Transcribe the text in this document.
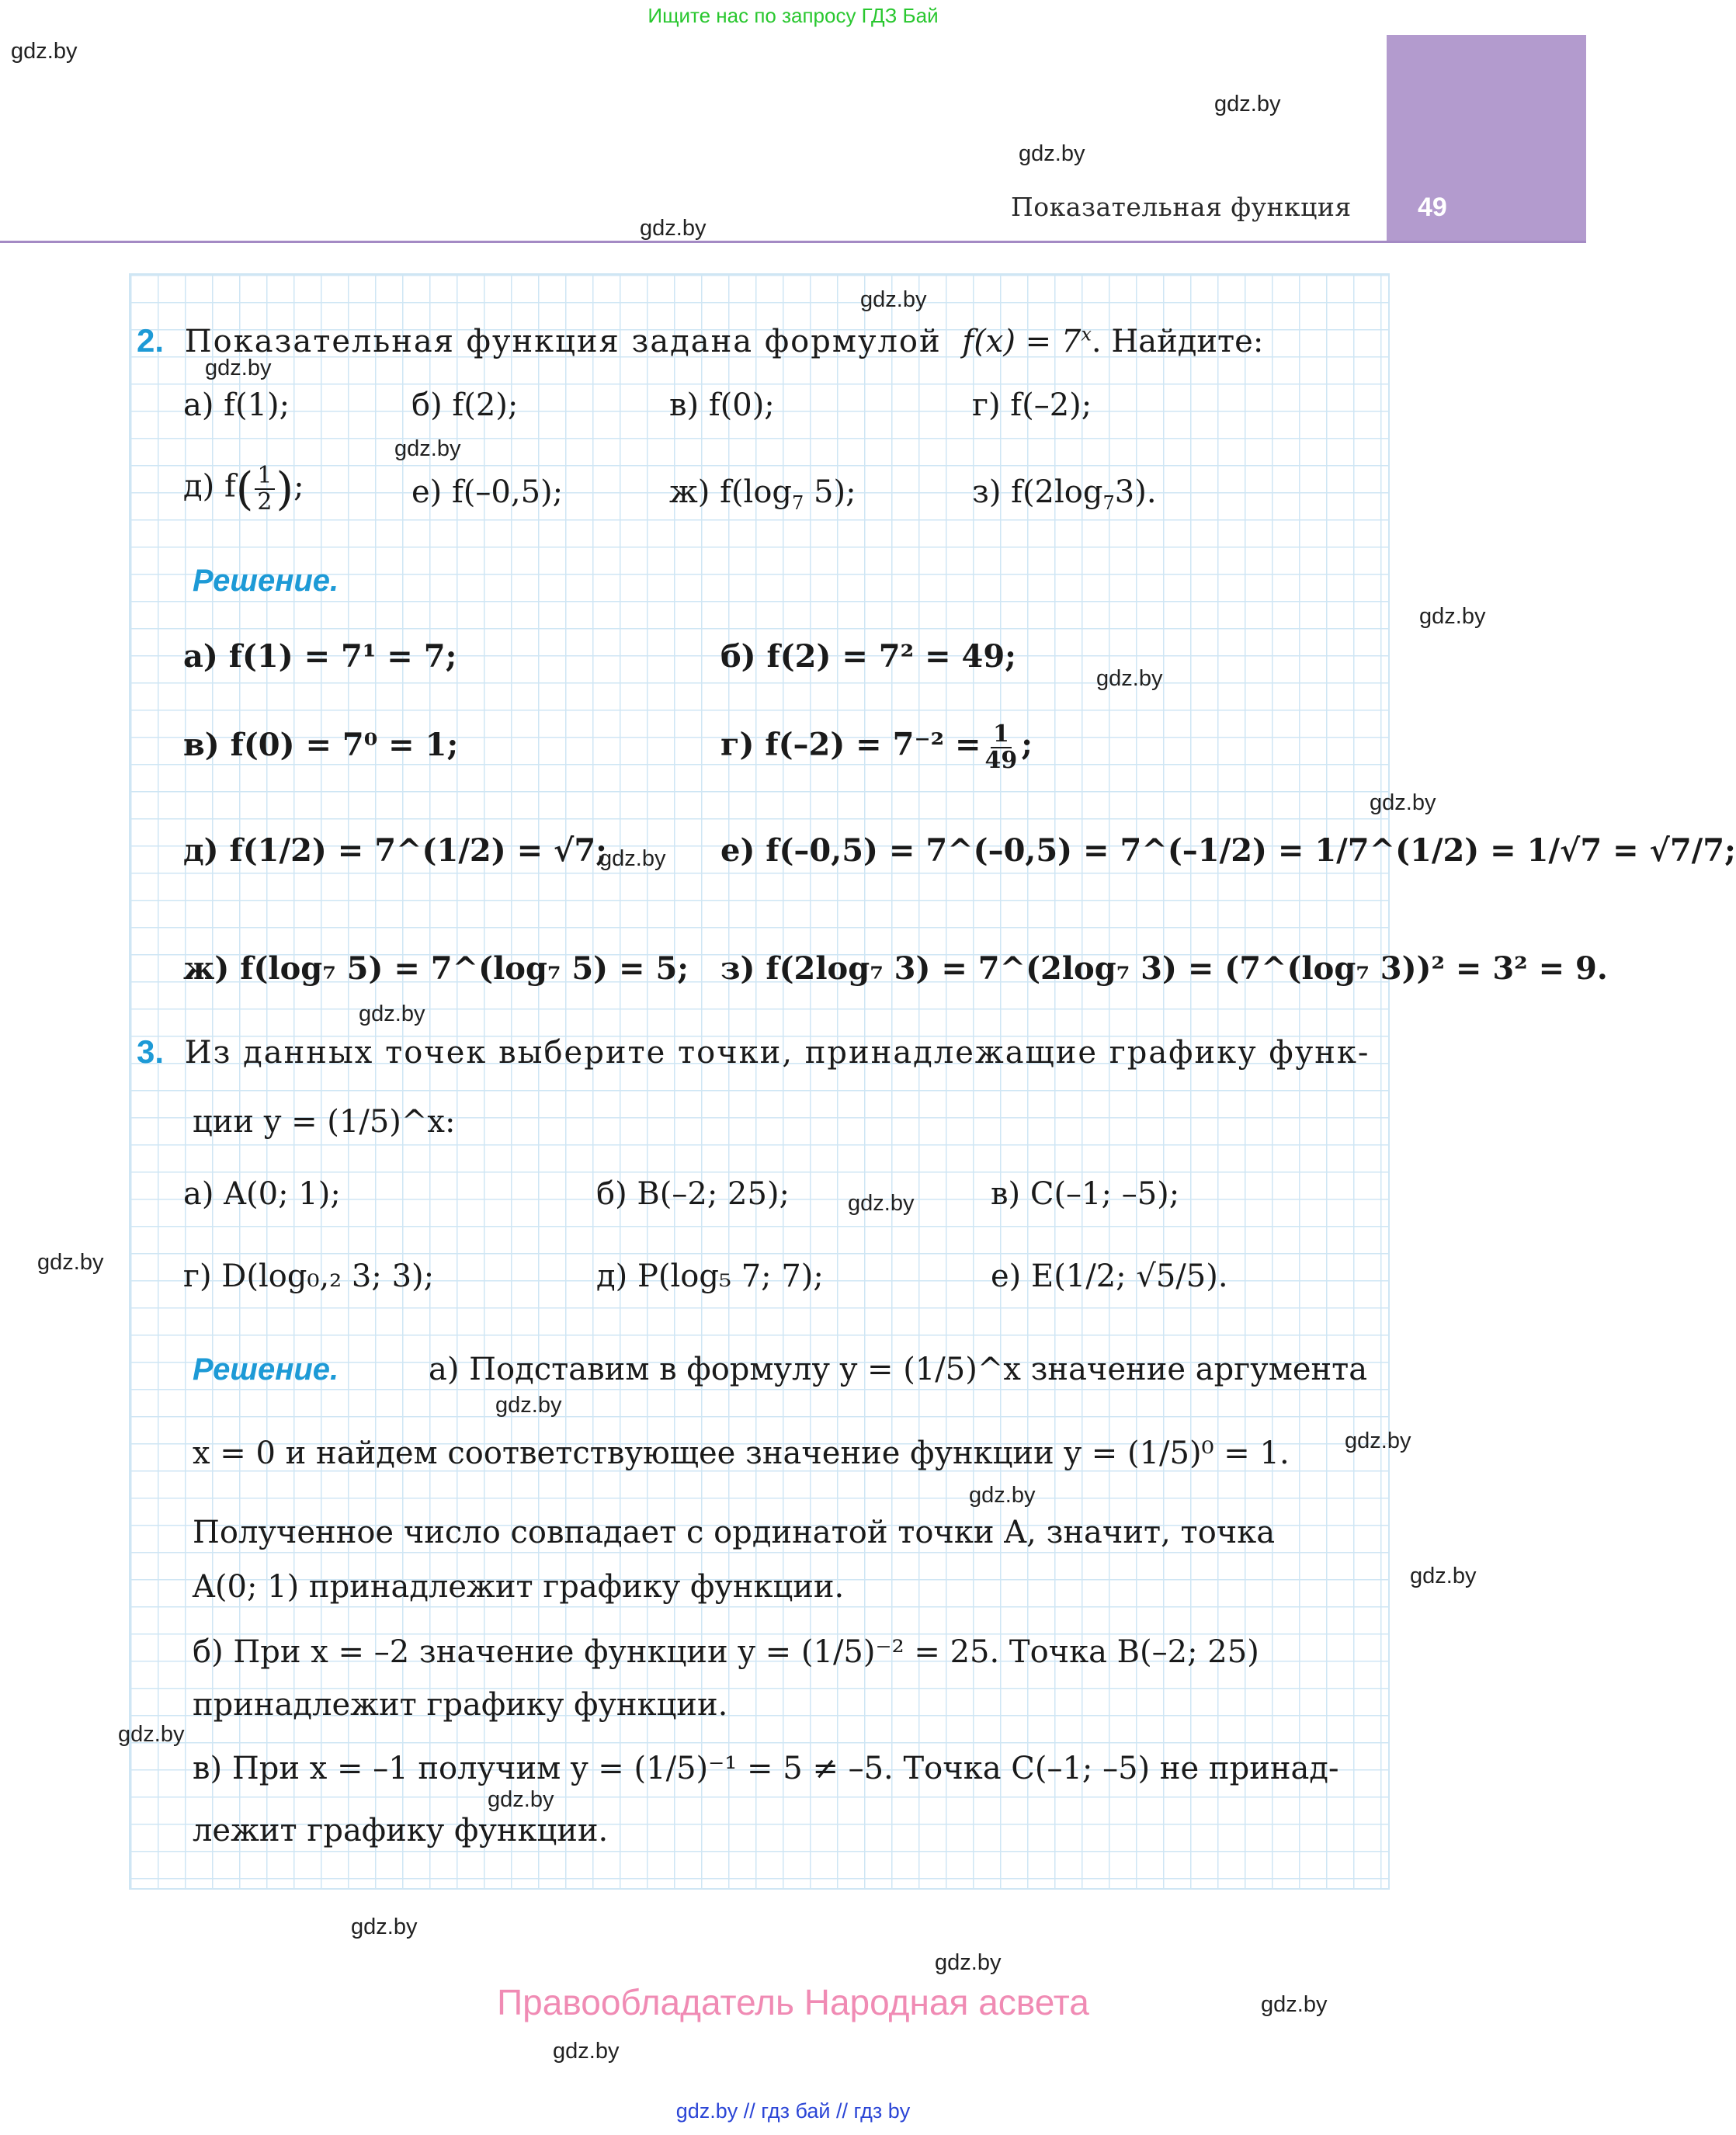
Ищите нас по запросу ГДЗ Бай
49
Показательная функция
2. Показательная функция задана формулой $f(x) = 7^x$. Найдите:
а) f(1);	б) f(2);	в) f(0);	г) f(–2);
д) $f( \frac{1}{2}$ );	е) f(–0,5);	ж) $f(\log_7$ 5);	з) $f(2\log_73)$.
Решение.
а) f(1) = 7¹ = 7;	б) f(2) = 7² = 49;
в) f(0) = 7⁰ = 1;	г) $f(-2) = 7^{-2} = \frac{1}{49}$ ;
д) f(1/2) = 7^(1/2) = √7;	е) f(–0,5) = 7^(–0,5) = 7^(–1/2) = 1/7^(1/2) = 1/√7 = √7/7;
ж) f(log₇ 5) = 7^(log₇ 5) = 5; з) f(2log₇ 3) = 7^(2log₇ 3) = (7^(log₇ 3))² = 3² = 9.
3. Из данных точек выберите точки, принадлежащие графику функ-
ции y = (1/5)^x:
а) A(0; 1);	б) B(–2; 25);	в) C(–1; –5);
г) D(log₀,₂ 3; 3);	д) P(log₅ 7; 7);	е) E(1/2; √5/5).
Решение.	а) Подставим в формулу y = (1/5)^x значение аргумента
x = 0 и найдем соответствующее значение функции y = (1/5)⁰ = 1.
Полученное число совпадает с ординатой точки A, значит, точка
A(0; 1) принадлежит графику функции.
б) При x = –2 значение функции y = (1/5)⁻² = 25. Точка B(–2; 25)
принадлежит графику функции.
в) При x = –1 получим y = (1/5)⁻¹ = 5 ≠ –5. Точка C(–1; –5) не принад-
лежит графику функции.
gdz.by
gdz.by
gdz.by
gdz.by
gdz.by
gdz.by
gdz.by
gdz.by
gdz.by
gdz.by
gdz.by
gdz.by
gdz.by
gdz.by
gdz.by
gdz.by
gdz.by
gdz.by
gdz.by
gdz.by
gdz.by
gdz.by
gdz.by
gdz.by
Правообладатель Народная асвета
gdz.by // гдз бай // гдз by
